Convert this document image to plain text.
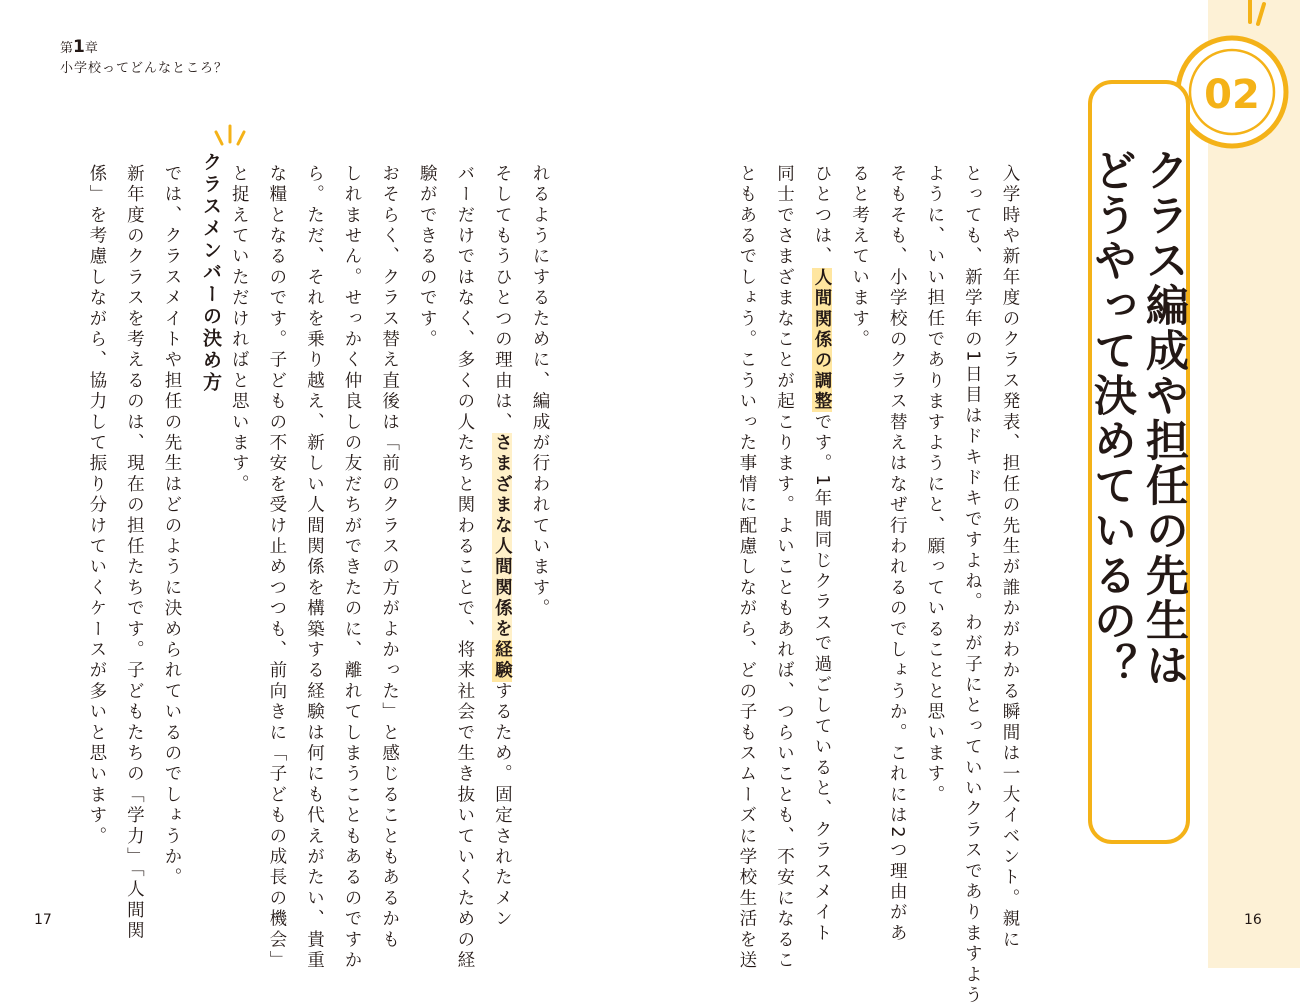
第1章
小学校ってどんなところ？
02

クラス編成や担任の先生は

どうやって決めているの？

入学時や新年度のクラス発表、担任の先生が誰かがわかる瞬間は一大イベント。親に

とっても、新学年の1日目はドキドキですよね。わが子にとっていいクラスでありますよう

ように、いい担任でありますようにと、願っていることと思います。

そもそも、小学校のクラス替えはなぜ行われるのでしょうか。これには2つ理由があ

ると考えています。

ひとつは、人間関係の調整です。1年間同じクラスで過ごしていると、クラスメイト

同士でさまざまなことが起こります。よいこともあれば、つらいことも、不安になるこ

ともあるでしょう。こういった事情に配慮しながら、どの子もスムーズに学校生活を送

れるようにするために、編成が行われています。

そしてもうひとつの理由は、さまざまな人間関係を経験するため。固定されたメン

バーだけではなく、多くの人たちと関わることで、将来社会で生き抜いていくための経

験ができるのです。

おそらく、クラス替え直後は「前のクラスの方がよかった」と感じることもあるかも

しれません。せっかく仲良しの友だちができたのに、離れてしまうこともあるのですか

ら。ただ、それを乗り越え、新しい人間関係を構築する経験は何にも代えがたい、貴重

な糧となるのです。子どもの不安を受け止めつつも、前向きに「子どもの成長の機会」

と捉えていただければと思います。

クラスメンバーの決め方

では、クラスメイトや担任の先生はどのように決められているのでしょうか。

新年度のクラスを考えるのは、現在の担任たちです。子どもたちの「学力」「人間関

係」を考慮しながら、協力して振り分けていくケースが多いと思います。

17	16
